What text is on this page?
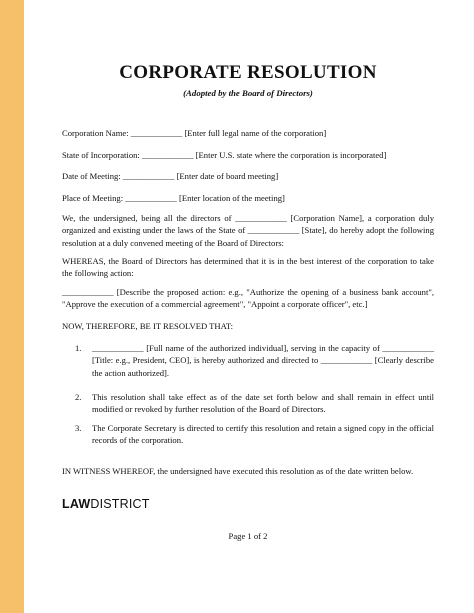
CORPORATE RESOLUTION
(Adopted by the Board of Directors)
Corporation Name: ____________ [Enter full legal name of the corporation]
State of Incorporation: ____________ [Enter U.S. state where the corporation is incorporated]
Date of Meeting: ____________ [Enter date of board meeting]
Place of Meeting: ____________ [Enter location of the meeting]
We, the undersigned, being all the directors of ____________ [Corporation Name], a corporation duly organized and existing under the laws of the State of ____________ [State], do hereby adopt the following resolution at a duly convened meeting of the Board of Directors:
WHEREAS, the Board of Directors has determined that it is in the best interest of the corporation to take the following action:
____________ [Describe the proposed action: e.g., "Authorize the opening of a business bank account", "Approve the execution of a commercial agreement", "Appoint a corporate officer", etc.]
NOW, THEREFORE, BE IT RESOLVED THAT:
1. ____________ [Full name of the authorized individual], serving in the capacity of ____________ [Title: e.g., President, CEO], is hereby authorized and directed to ____________ [Clearly describe the action authorized].
2. This resolution shall take effect as of the date set forth below and shall remain in effect until modified or revoked by further resolution of the Board of Directors.
3. The Corporate Secretary is directed to certify this resolution and retain a signed copy in the official records of the corporation.
IN WITNESS WHEREOF, the undersigned have executed this resolution as of the date written below.
LAWDISTRICT
Page 1 of 2
